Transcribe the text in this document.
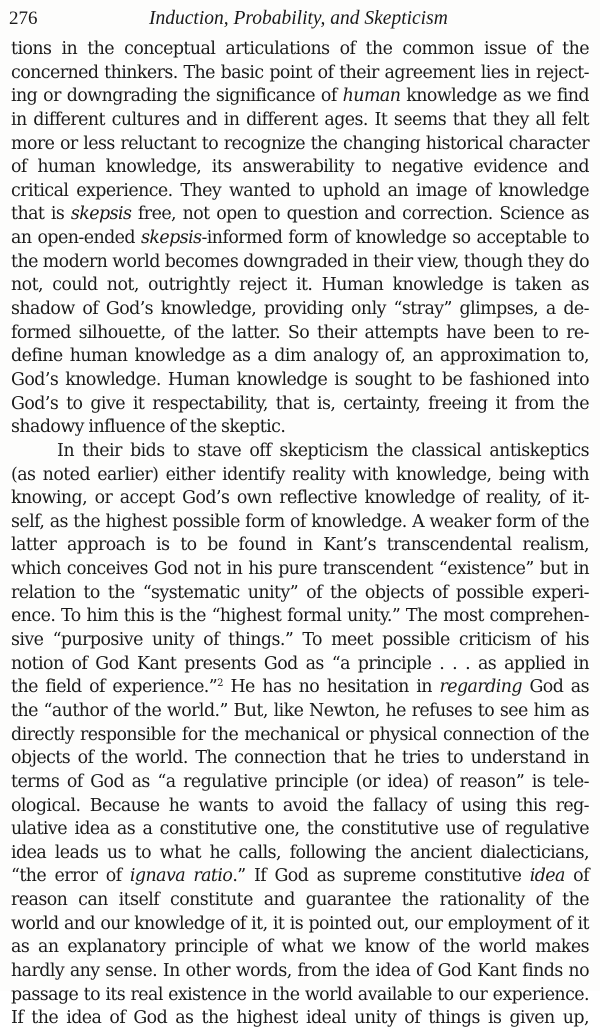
276	Induction, Probability, and Skepticism
tions in the conceptual articulations of the common issue of the
concerned thinkers. The basic point of their agreement lies in reject-
ing or downgrading the significance of human knowledge as we find
in different cultures and in different ages. It seems that they all felt
more or less reluctant to recognize the changing historical character
of human knowledge, its answerability to negative evidence and
critical experience. They wanted to uphold an image of knowledge
that is skepsis free, not open to question and correction. Science as
an open-ended skepsis-informed form of knowledge so acceptable to
the modern world becomes downgraded in their view, though they do
not, could not, outrightly reject it. Human knowledge is taken as
shadow of God’s knowledge, providing only “stray” glimpses, a de-
formed silhouette, of the latter. So their attempts have been to re-
define human knowledge as a dim analogy of, an approximation to,
God’s knowledge. Human knowledge is sought to be fashioned into
God’s to give it respectability, that is, certainty, freeing it from the
shadowy influence of the skeptic.
In their bids to stave off skepticism the classical antiskeptics
(as noted earlier) either identify reality with knowledge, being with
knowing, or accept God’s own reflective knowledge of reality, of it-
self, as the highest possible form of knowledge. A weaker form of the
latter approach is to be found in Kant’s transcendental realism,
which conceives God not in his pure transcendent “existence” but in
relation to the “systematic unity” of the objects of possible experi-
ence. To him this is the “highest formal unity.” The most comprehen-
sive “purposive unity of things.” To meet possible criticism of his
notion of God Kant presents God as “a principle . . . as applied in
the field of experience.”$^2$ He has no hesitation in regarding God as
the “author of the world.” But, like Newton, he refuses to see him as
directly responsible for the mechanical or physical connection of the
objects of the world. The connection that he tries to understand in
terms of God as “a regulative principle (or idea) of reason” is tele-
ological. Because he wants to avoid the fallacy of using this reg-
ulative idea as a constitutive one, the constitutive use of regulative
idea leads us to what he calls, following the ancient dialecticians,
“the error of ignava ratio.” If God as supreme constitutive idea of
reason can itself constitute and guarantee the rationality of the
world and our knowledge of it, it is pointed out, our employment of it
as an explanatory principle of what we know of the world makes
hardly any sense. In other words, from the idea of God Kant finds no
passage to its real existence in the world available to our experience.
If the idea of God as the highest ideal unity of things is given up,
